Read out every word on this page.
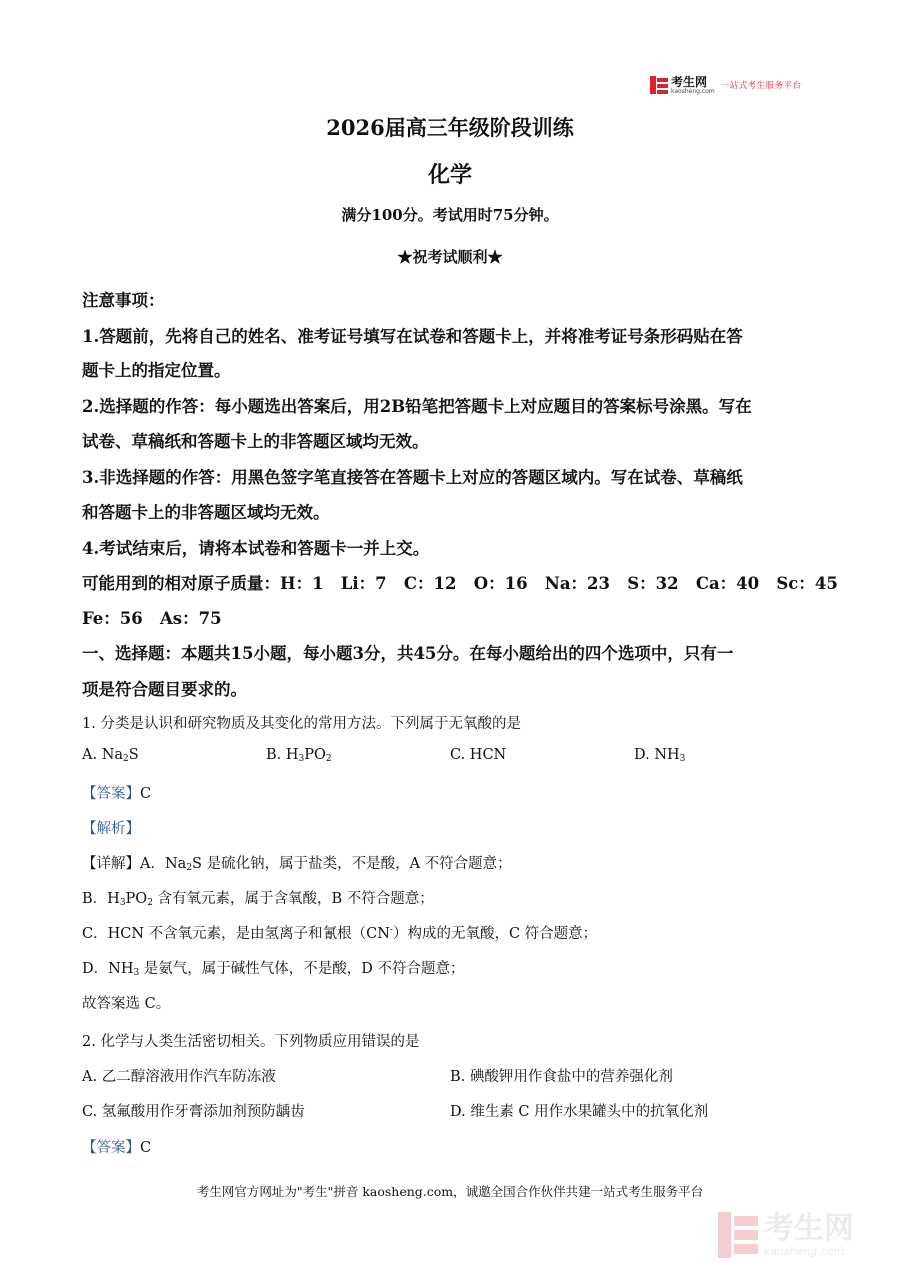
考生网
kaosheng.com 一站式考生服务平台
2026届高三年级阶段训练
化学
满分100分。考试用时75分钟。
★祝考试顺利★
注意事项：
1.答题前，先将自己的姓名、准考证号填写在试卷和答题卡上，并将准考证号条形码贴在答
题卡上的指定位置。
2.选择题的作答：每小题选出答案后，用2B铅笔把答题卡上对应题目的答案标号涂黑。写在
试卷、草稿纸和答题卡上的非答题区域均无效。
3.非选择题的作答：用黑色签字笔直接答在答题卡上对应的答题区域内。写在试卷、草稿纸
和答题卡上的非答题区域均无效。
4.考试结束后，请将本试卷和答题卡一并上交。
可能用到的相对原子质量：H：1   Li：7   C：12   O：16   Na：23   S：32   Ca：40   Sc：45
Fe：56   As：75
一、选择题：本题共15小题，每小题3分，共45分。在每小题给出的四个选项中，只有一
项是符合题目要求的。
1. 分类是认识和研究物质及其变化的常用方法。下列属于无氧酸的是
A. $Na_2S$	B. $H_3PO_2$	C. HCN	D. $NH_3$
【答案】C
【解析】
【详解】A．$Na_2S$ 是硫化钠，属于盐类，不是酸，A 不符合题意；
B．$H_3PO_2$ 含有氧元素，属于含氧酸，B 不符合题意；
C．HCN 不含氧元素，是由氢离子和氰根（CN-）构成的无氧酸，C 符合题意；
D．$NH_3$ 是氨气，属于碱性气体，不是酸，D 不符合题意；
故答案选 C。
2. 化学与人类生活密切相关。下列物质应用错误的是
A. 乙二醇溶液用作汽车防冻液	B. 碘酸钾用作食盐中的营养强化剂
C. 氢氟酸用作牙膏添加剂预防龋齿	D. 维生素 C 用作水果罐头中的抗氧化剂
【答案】C
考生网官方网址为"考生"拼音 kaosheng.com，诚邀全国合作伙伴共建一站式考生服务平台
考生网
kaosheng.com
